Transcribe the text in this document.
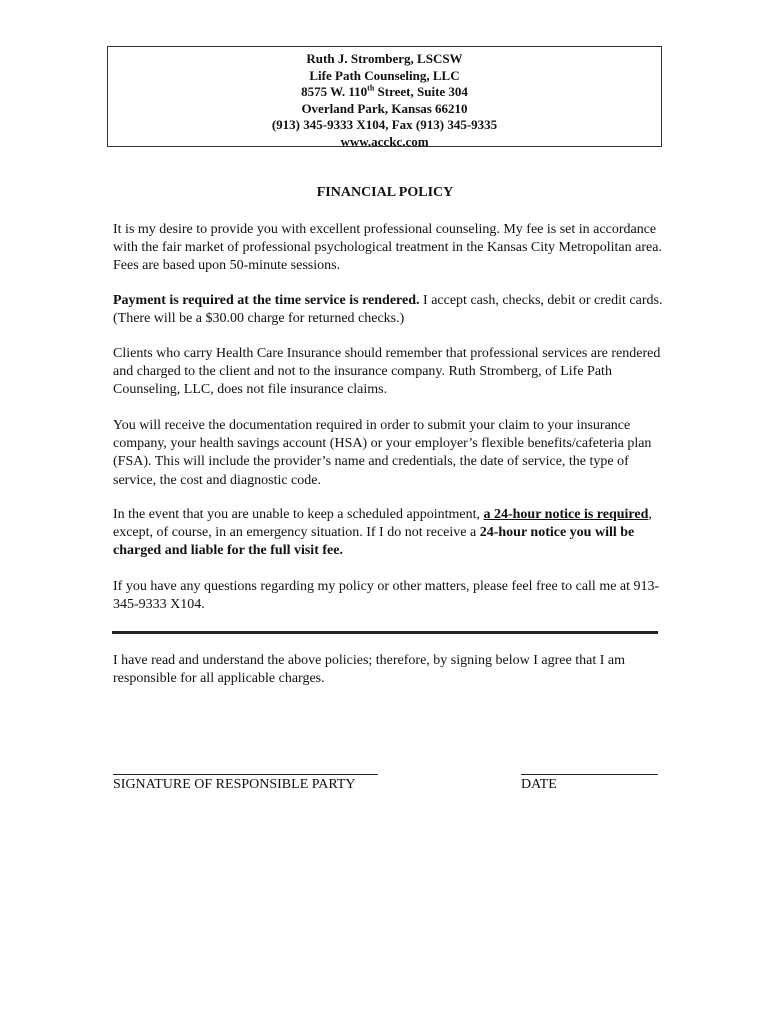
Ruth J. Stromberg, LSCSW
Life Path Counseling, LLC
8575 W. 110th Street, Suite 304
Overland Park, Kansas 66210
(913) 345-9333 X104, Fax (913) 345-9335
www.acckc.com
FINANCIAL POLICY

It is my desire to provide you with excellent professional counseling. My fee is set in accordance with the fair market of professional psychological treatment in the Kansas City Metropolitan area. Fees are based upon 50-minute sessions.

Payment is required at the time service is rendered. I accept cash, checks, debit or credit cards. (There will be a $30.00 charge for returned checks.)

Clients who carry Health Care Insurance should remember that professional services are rendered and charged to the client and not to the insurance company. Ruth Stromberg, of Life Path Counseling, LLC, does not file insurance claims.

You will receive the documentation required in order to submit your claim to your insurance company, your health savings account (HSA) or your employer’s flexible benefits/cafeteria plan (FSA). This will include the provider’s name and credentials, the date of service, the type of service, the cost and diagnostic code.

In the event that you are unable to keep a scheduled appointment, a 24-hour notice is required, except, of course, in an emergency situation. If I do not receive a 24-hour notice you will be charged and liable for the full visit fee.

If you have any questions regarding my policy or other matters, please feel free to call me at 913-345-9333 X104.

I have read and understand the above policies; therefore, by signing below I agree that I am responsible for all applicable charges.

SIGNATURE OF RESPONSIBLE PARTY	DATE
